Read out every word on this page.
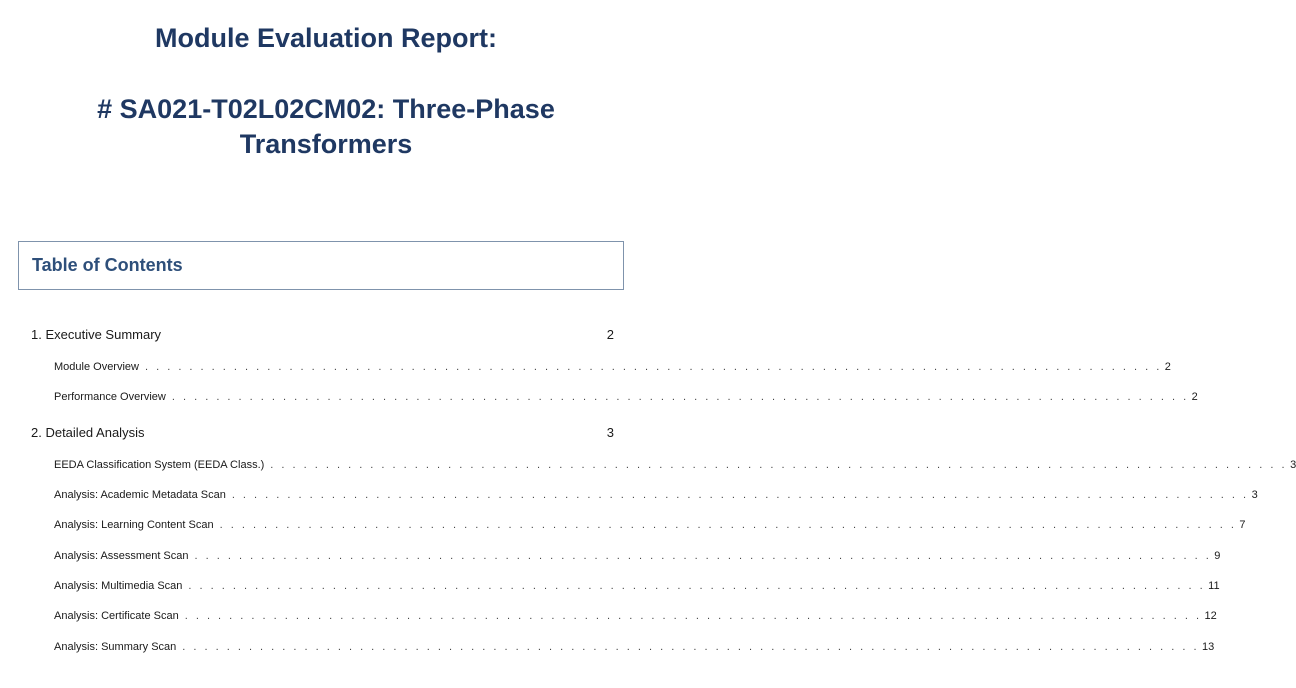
Module Evaluation Report:
# SA021-T02L02CM02: Three-Phase
Transformers
Table of Contents
1. Executive Summary	2
Module Overview . . . . . . . . . . . . . . . . . . . . . . . . . . . . . . . . . . . . . . . . . . . . . . . . . . . . . . . . . . . . . . . . . . . . . . . . . . . . . . . . . . . . . . . . . . . . 2
Performance Overview . . . . . . . . . . . . . . . . . . . . . . . . . . . . . . . . . . . . . . . . . . . . . . . . . . . . . . . . . . . . . . . . . . . . . . . . . . . . . . . . . . . . . . . . . . . . 2
2. Detailed Analysis	3
EEDA Classification System (EEDA Class.) . . . . . . . . . . . . . . . . . . . . . . . . . . . . . . . . . . . . . . . . . . . . . . . . . . . . . . . . . . . . . . . . . . . . . . . . . . . . . . . . . . . . . . . . . . . . 3
Analysis: Academic Metadata Scan . . . . . . . . . . . . . . . . . . . . . . . . . . . . . . . . . . . . . . . . . . . . . . . . . . . . . . . . . . . . . . . . . . . . . . . . . . . . . . . . . . . . . . . . . . . . 3
Analysis: Learning Content Scan . . . . . . . . . . . . . . . . . . . . . . . . . . . . . . . . . . . . . . . . . . . . . . . . . . . . . . . . . . . . . . . . . . . . . . . . . . . . . . . . . . . . . . . . . . . . 7
Analysis: Assessment Scan . . . . . . . . . . . . . . . . . . . . . . . . . . . . . . . . . . . . . . . . . . . . . . . . . . . . . . . . . . . . . . . . . . . . . . . . . . . . . . . . . . . . . . . . . . . . 9
Analysis: Multimedia Scan . . . . . . . . . . . . . . . . . . . . . . . . . . . . . . . . . . . . . . . . . . . . . . . . . . . . . . . . . . . . . . . . . . . . . . . . . . . . . . . . . . . . . . . . . . . . 11
Analysis: Certificate Scan . . . . . . . . . . . . . . . . . . . . . . . . . . . . . . . . . . . . . . . . . . . . . . . . . . . . . . . . . . . . . . . . . . . . . . . . . . . . . . . . . . . . . . . . . . . . 12
Analysis: Summary Scan . . . . . . . . . . . . . . . . . . . . . . . . . . . . . . . . . . . . . . . . . . . . . . . . . . . . . . . . . . . . . . . . . . . . . . . . . . . . . . . . . . . . . . . . . . . . 13
